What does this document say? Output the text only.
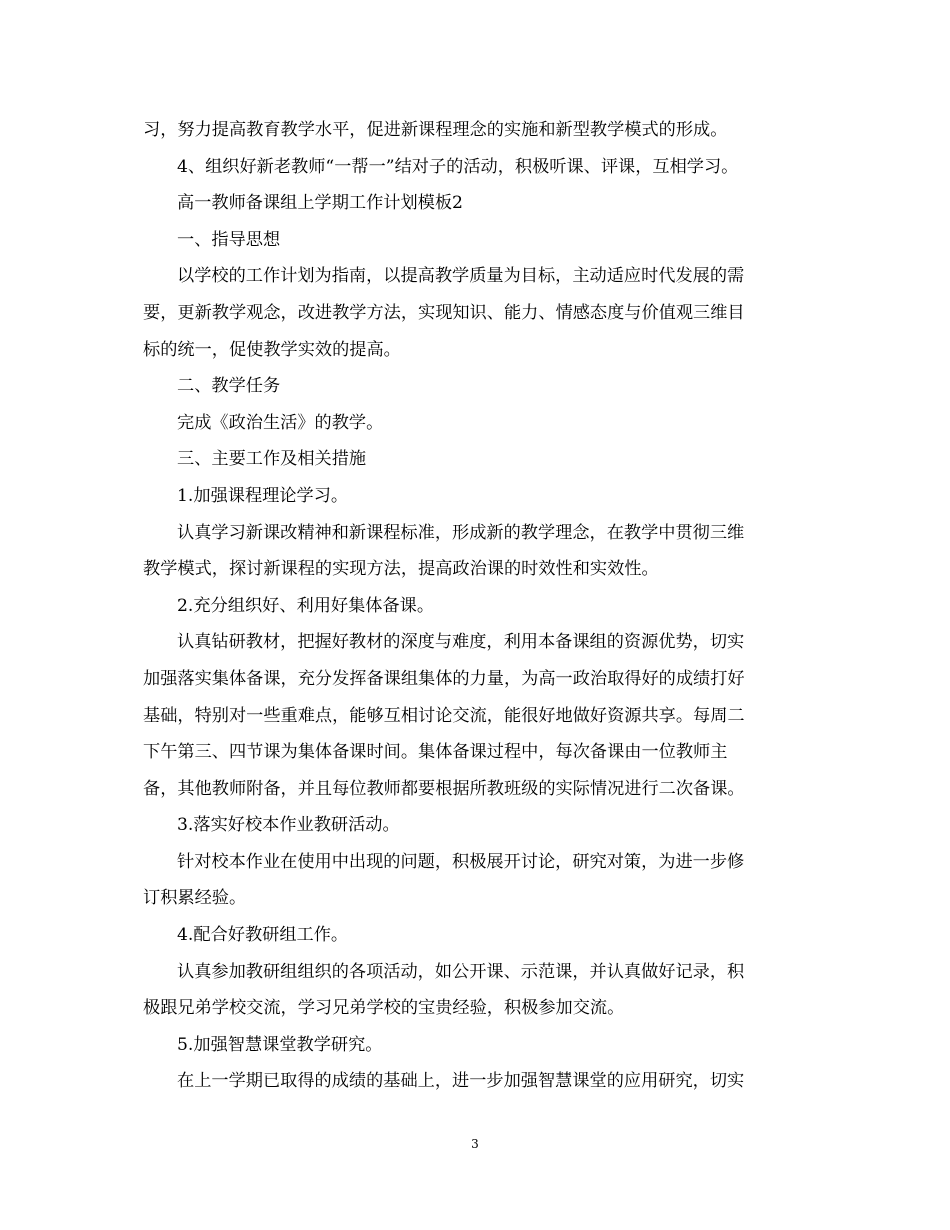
习，努力提高教育教学水平，促进新课程理念的实施和新型教学模式的形成。
4、组织好新老教师“一帮一”结对子的活动，积极听课、评课，互相学习。
高一教师备课组上学期工作计划模板2
一、指导思想
以学校的工作计划为指南，以提高教学质量为目标，主动适应时代发展的需
要，更新教学观念，改进教学方法，实现知识、能力、情感态度与价值观三维目
标的统一，促使教学实效的提高。
二、教学任务
完成《政治生活》的教学。
三、主要工作及相关措施
1.加强课程理论学习。
认真学习新课改精神和新课程标准，形成新的教学理念，在教学中贯彻三维
教学模式，探讨新课程的实现方法，提高政治课的时效性和实效性。
2.充分组织好、利用好集体备课。
认真钻研教材，把握好教材的深度与难度，利用本备课组的资源优势，切实
加强落实集体备课，充分发挥备课组集体的力量，为高一政治取得好的成绩打好
基础，特别对一些重难点，能够互相讨论交流，能很好地做好资源共享。每周二
下午第三、四节课为集体备课时间。集体备课过程中，每次备课由一位教师主
备，其他教师附备，并且每位教师都要根据所教班级的实际情况进行二次备课。
3.落实好校本作业教研活动。
针对校本作业在使用中出现的问题，积极展开讨论，研究对策，为进一步修
订积累经验。
4.配合好教研组工作。
认真参加教研组组织的各项活动，如公开课、示范课，并认真做好记录，积
极跟兄弟学校交流，学习兄弟学校的宝贵经验，积极参加交流。
5.加强智慧课堂教学研究。
在上一学期已取得的成绩的基础上，进一步加强智慧课堂的应用研究，切实
3
